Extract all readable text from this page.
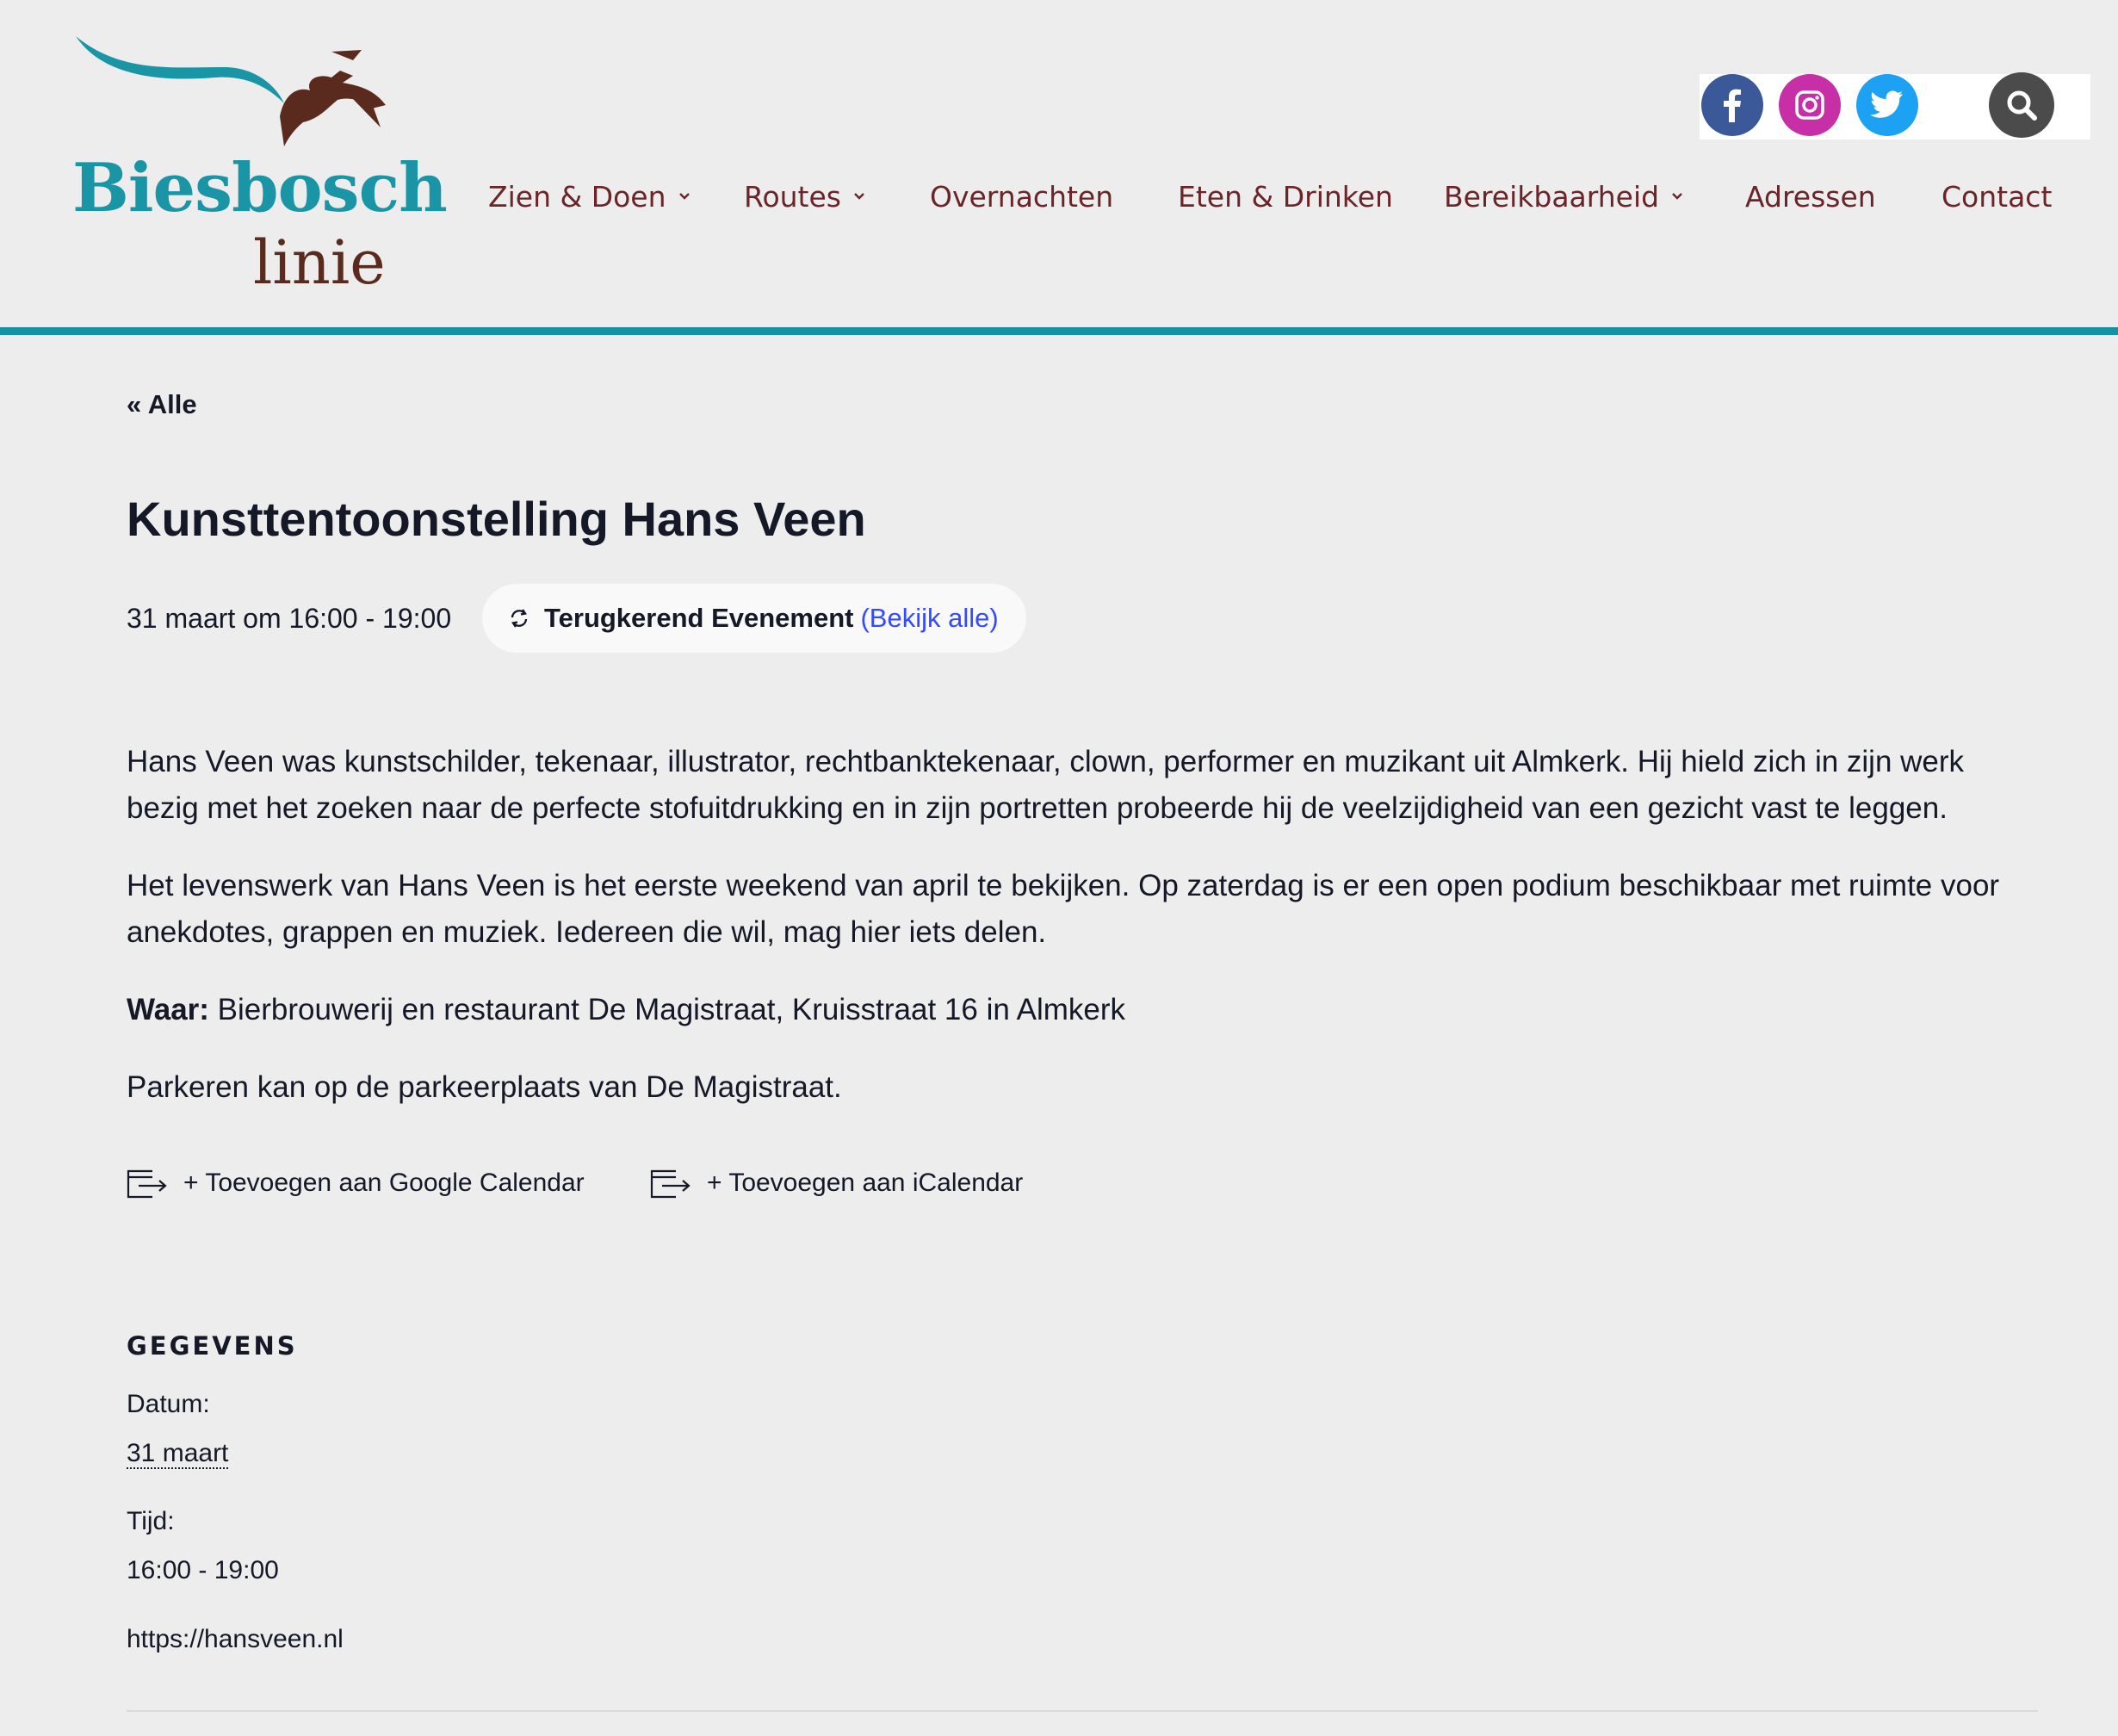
Biesbosch
linie
Zien & Doen	Routes	Overnachten Eten & Drinken Bereikbaarheid	Adressen Contact
« Alle
Kunsttentoonstelling Hans Veen
31 maart om 16:00 - 19:00	Terugkerend Evenement (Bekijk alle)

Hans Veen was kunstschilder, tekenaar, illustrator, rechtbanktekenaar, clown, performer en muzikant uit Almkerk. Hij hield zich in zijn werk bezig met het zoeken naar de perfecte stofuitdrukking en in zijn portretten probeerde hij de veelzijdigheid van een gezicht vast te leggen.

Het levenswerk van Hans Veen is het eerste weekend van april te bekijken. Op zaterdag is er een open podium beschikbaar met ruimte voor anekdotes, grappen en muziek. Iedereen die wil, mag hier iets delen.

Waar: Bierbrouwerij en restaurant De Magistraat, Kruisstraat 16 in Almkerk

Parkeren kan op de parkeerplaats van De Magistraat.

+ Toevoegen aan Google Calendar	+ Toevoegen aan iCalendar
GEGEVENS
Datum:
31 maart
Tijd:
16:00 - 19:00
https://hansveen.nl
